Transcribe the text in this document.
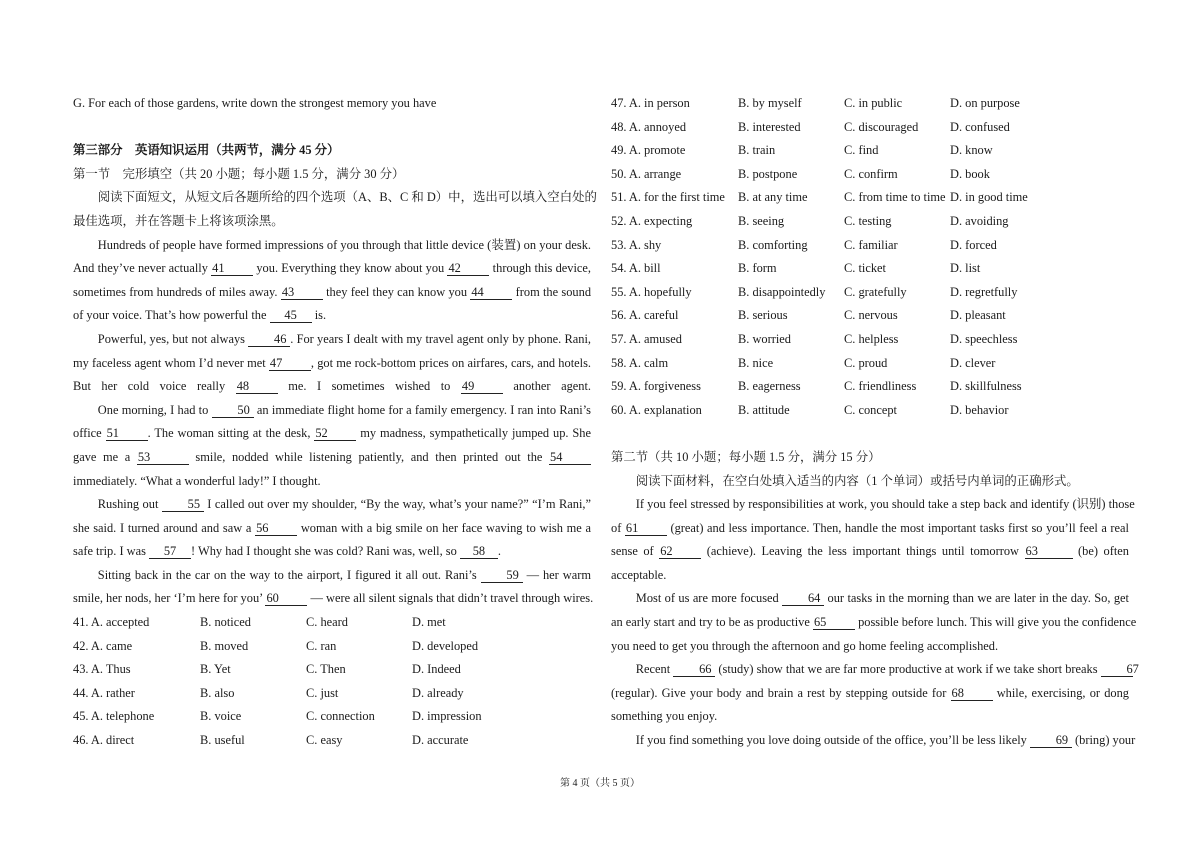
G. For each of those gardens, write down the strongest memory you have
第三部分　英语知识运用（共两节，满分 45 分）
第一节　完形填空（共 20 小题；每小题 1.5 分，满分 30 分）
阅读下面短文，从短文后各题所给的四个选项（A、B、C 和 D）中，选出可以填入空白处的
最佳选项，并在答题卡上将该项涂黑。
Hundreds of people have formed impressions of you through that little device (装置) on your desk.
And they’ve never actually 41 you. Everything they know about you 42 through this device,
sometimes from hundreds of miles away. 43 they feel they can know you 44 from the sound
of your voice. That’s how powerful the 45 is.
Powerful, yes, but not always 46 . For years I dealt with my travel agent only by phone. Rani,
my faceless agent whom I’d never met 47 , got me rock-bottom prices on airfares, cars, and hotels.
But her cold voice really 48 me. I sometimes wished to 49 another agent.
One morning, I had to 50 an immediate flight home for a family emergency. I ran into Rani’s
office 51 . The woman sitting at the desk, 52 my madness, sympathetically jumped up. She
gave me a 53	smile, nodded while listening patiently, and then printed out the 54
immediately. “What a wonderful lady!” I thought.
Rushing out 55 I called out over my shoulder, “By the way, what’s your name?” “I’m Rani,”
she said. I turned around and saw a 56 woman with a big smile on her face waving to wish me a
safe trip. I was 57 ! Why had I thought she was cold? Rani was, well, so 58 .
Sitting back in the car on the way to the airport, I figured it all out. Rani’s 59 — her warm
smile, her nods, her ‘I’m here for you’ 60 — were all silent signals that didn’t travel through wires.
41. A. accepted	B. noticed	C. heard	D. met
42. A. came	B. moved	C. ran	D. developed
43. A. Thus	B. Yet	C. Then	D. Indeed
44. A. rather	B. also	C. just	D. already
45. A. telephone	B. voice	C. connection	D. impression
46. A. direct	B. useful	C. easy	D. accurate
47. A. in person	B. by myself	C. in public	D. on purpose
48. A. annoyed	B. interested	C. discouraged	D. confused
49. A. promote	B. train	C. find	D. know
50. A. arrange	B. postpone	C. confirm	D. book
51. A. for the first time	B. at any time	C. from time to time D. in good time
52. A. expecting	B. seeing	C. testing	D. avoiding
53. A. shy	B. comforting	C. familiar	D. forced
54. A. bill	B. form	C. ticket	D. list
55. A. hopefully	B. disappointedly	C. gratefully	D. regretfully
56. A. careful	B. serious	C. nervous	D. pleasant
57. A. amused	B. worried	C. helpless	D. speechless
58. A. calm	B. nice	C. proud	D. clever
59. A. forgiveness	B. eagerness	C. friendliness	D. skillfulness
60. A. explanation	B. attitude	C. concept	D. behavior
第二节（共 10 小题；每小题 1.5 分，满分 15 分）
阅读下面材料，在空白处填入适当的内容（1 个单词）或括号内单词的正确形式。
If you feel stressed by responsibilities at work, you should take a step back and identify (识别) those
of 61 (great) and less importance. Then, handle the most important tasks first so you’ll feel a real
sense of 62 (achieve). Leaving the less important things until tomorrow 63	(be) often
acceptable.
Most of us are more focused 64 our tasks in the morning than we are later in the day. So, get
an early start and try to be as productive 65 possible before lunch. This will give you the confidence
you need to get you through the afternoon and go home feeling accomplished.
Recent 66 (study) show that we are far more productive at work if we take short breaks 67
(regular). Give your body and brain a rest by stepping outside for 68 while, exercising, or dong
something you enjoy.
If you find something you love doing outside of the office, you’ll be less likely 69 (bring) your
第 4 页（共 5 页）
